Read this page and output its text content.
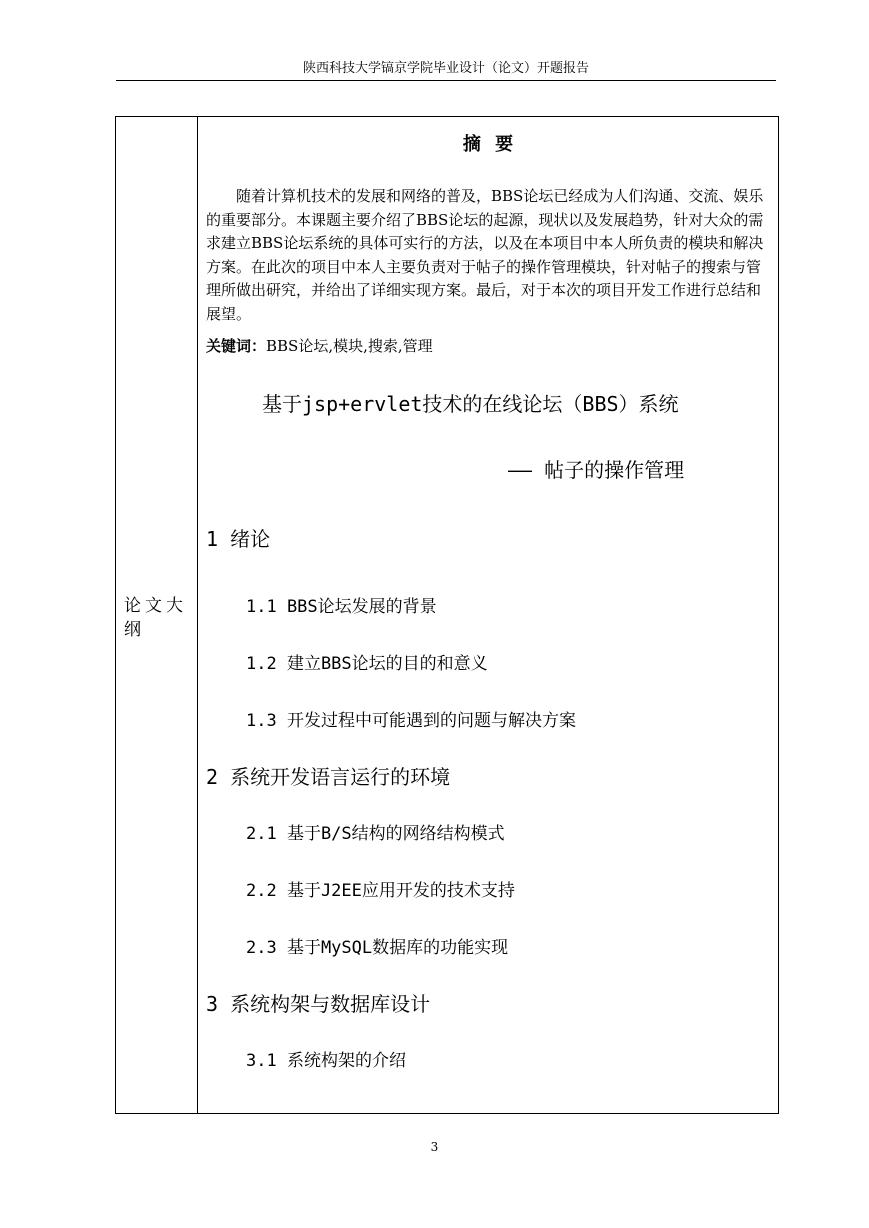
陕西科技大学镐京学院毕业设计（论文）开题报告
论文大纲
摘 要
随着计算机技术的发展和网络的普及，BBS论坛已经成为人们沟通、交流、娱乐的重要部分。本课题主要介绍了BBS论坛的起源，现状以及发展趋势，针对大众的需求建立BBS论坛系统的具体可实行的方法，以及在本项目中本人所负责的模块和解决方案。在此次的项目中本人主要负责对于帖子的操作管理模块，针对帖子的搜索与管理所做出研究，并给出了详细实现方案。最后，对于本次的项目开发工作进行总结和展望。
关键词：BBS论坛,模块,搜索,管理
基于jsp+ervlet技术的在线论坛（BBS）系统
—— 帖子的操作管理
1 绪论
1.1 BBS论坛发展的背景
1.2 建立BBS论坛的目的和意义
1.3 开发过程中可能遇到的问题与解决方案
2 系统开发语言运行的环境
2.1 基于B/S结构的网络结构模式
2.2 基于J2EE应用开发的技术支持
2.3 基于MySQL数据库的功能实现
3 系统构架与数据库设计
3.1 系统构架的介绍
3
